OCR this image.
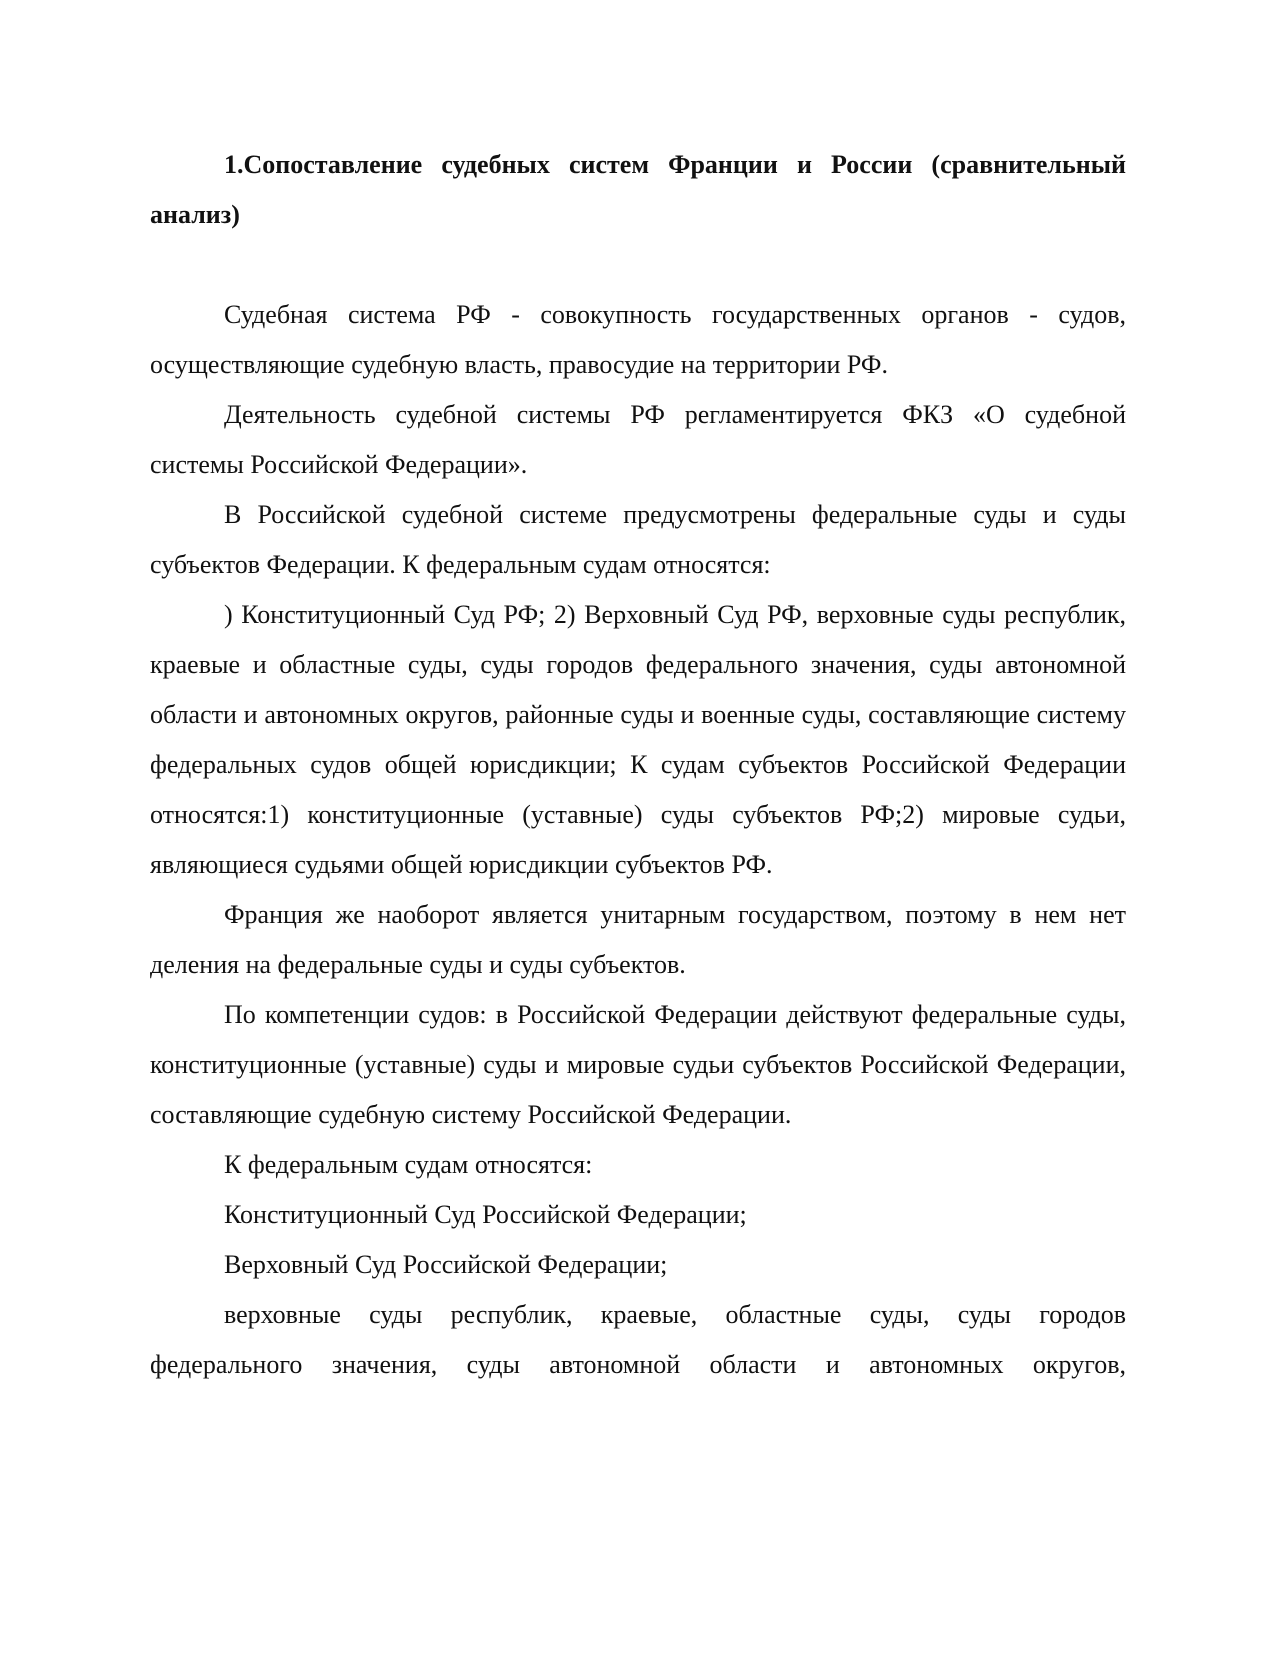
1.Сопоставление судебных систем Франции и России (сравнительный анализ)

Судебная система РФ - совокупность государственных органов - судов, осуществляющие судебную власть, правосудие на территории РФ.

Деятельность судебной системы РФ регламентируется ФКЗ «О судебной системы Российской Федерации».

В Российской судебной системе предусмотрены федеральные суды и суды субъектов Федерации. К федеральным судам относятся:

) Конституционный Суд РФ; 2) Верховный Суд РФ, верховные суды республик, краевые и областные суды, суды городов федерального значения, суды автономной области и автономных округов, районные суды и военные суды, составляющие систему федеральных судов общей юрисдикции; К судам субъектов Российской Федерации относятся:1) конституционные (уставные) суды субъектов РФ;2) мировые судьи, являющиеся судьями общей юрисдикции субъектов РФ.

Франция же наоборот является унитарным государством, поэтому в нем нет деления на федеральные суды и суды субъектов.

По компетенции судов: в Российской Федерации действуют федеральные суды, конституционные (уставные) суды и мировые судьи субъектов Российской Федерации, составляющие судебную систему Российской Федерации.

К федеральным судам относятся:

Конституционный Суд Российской Федерации;

Верховный Суд Российской Федерации;

верховные суды республик, краевые, областные суды, суды городов федерального значения, суды автономной области и автономных округов,
